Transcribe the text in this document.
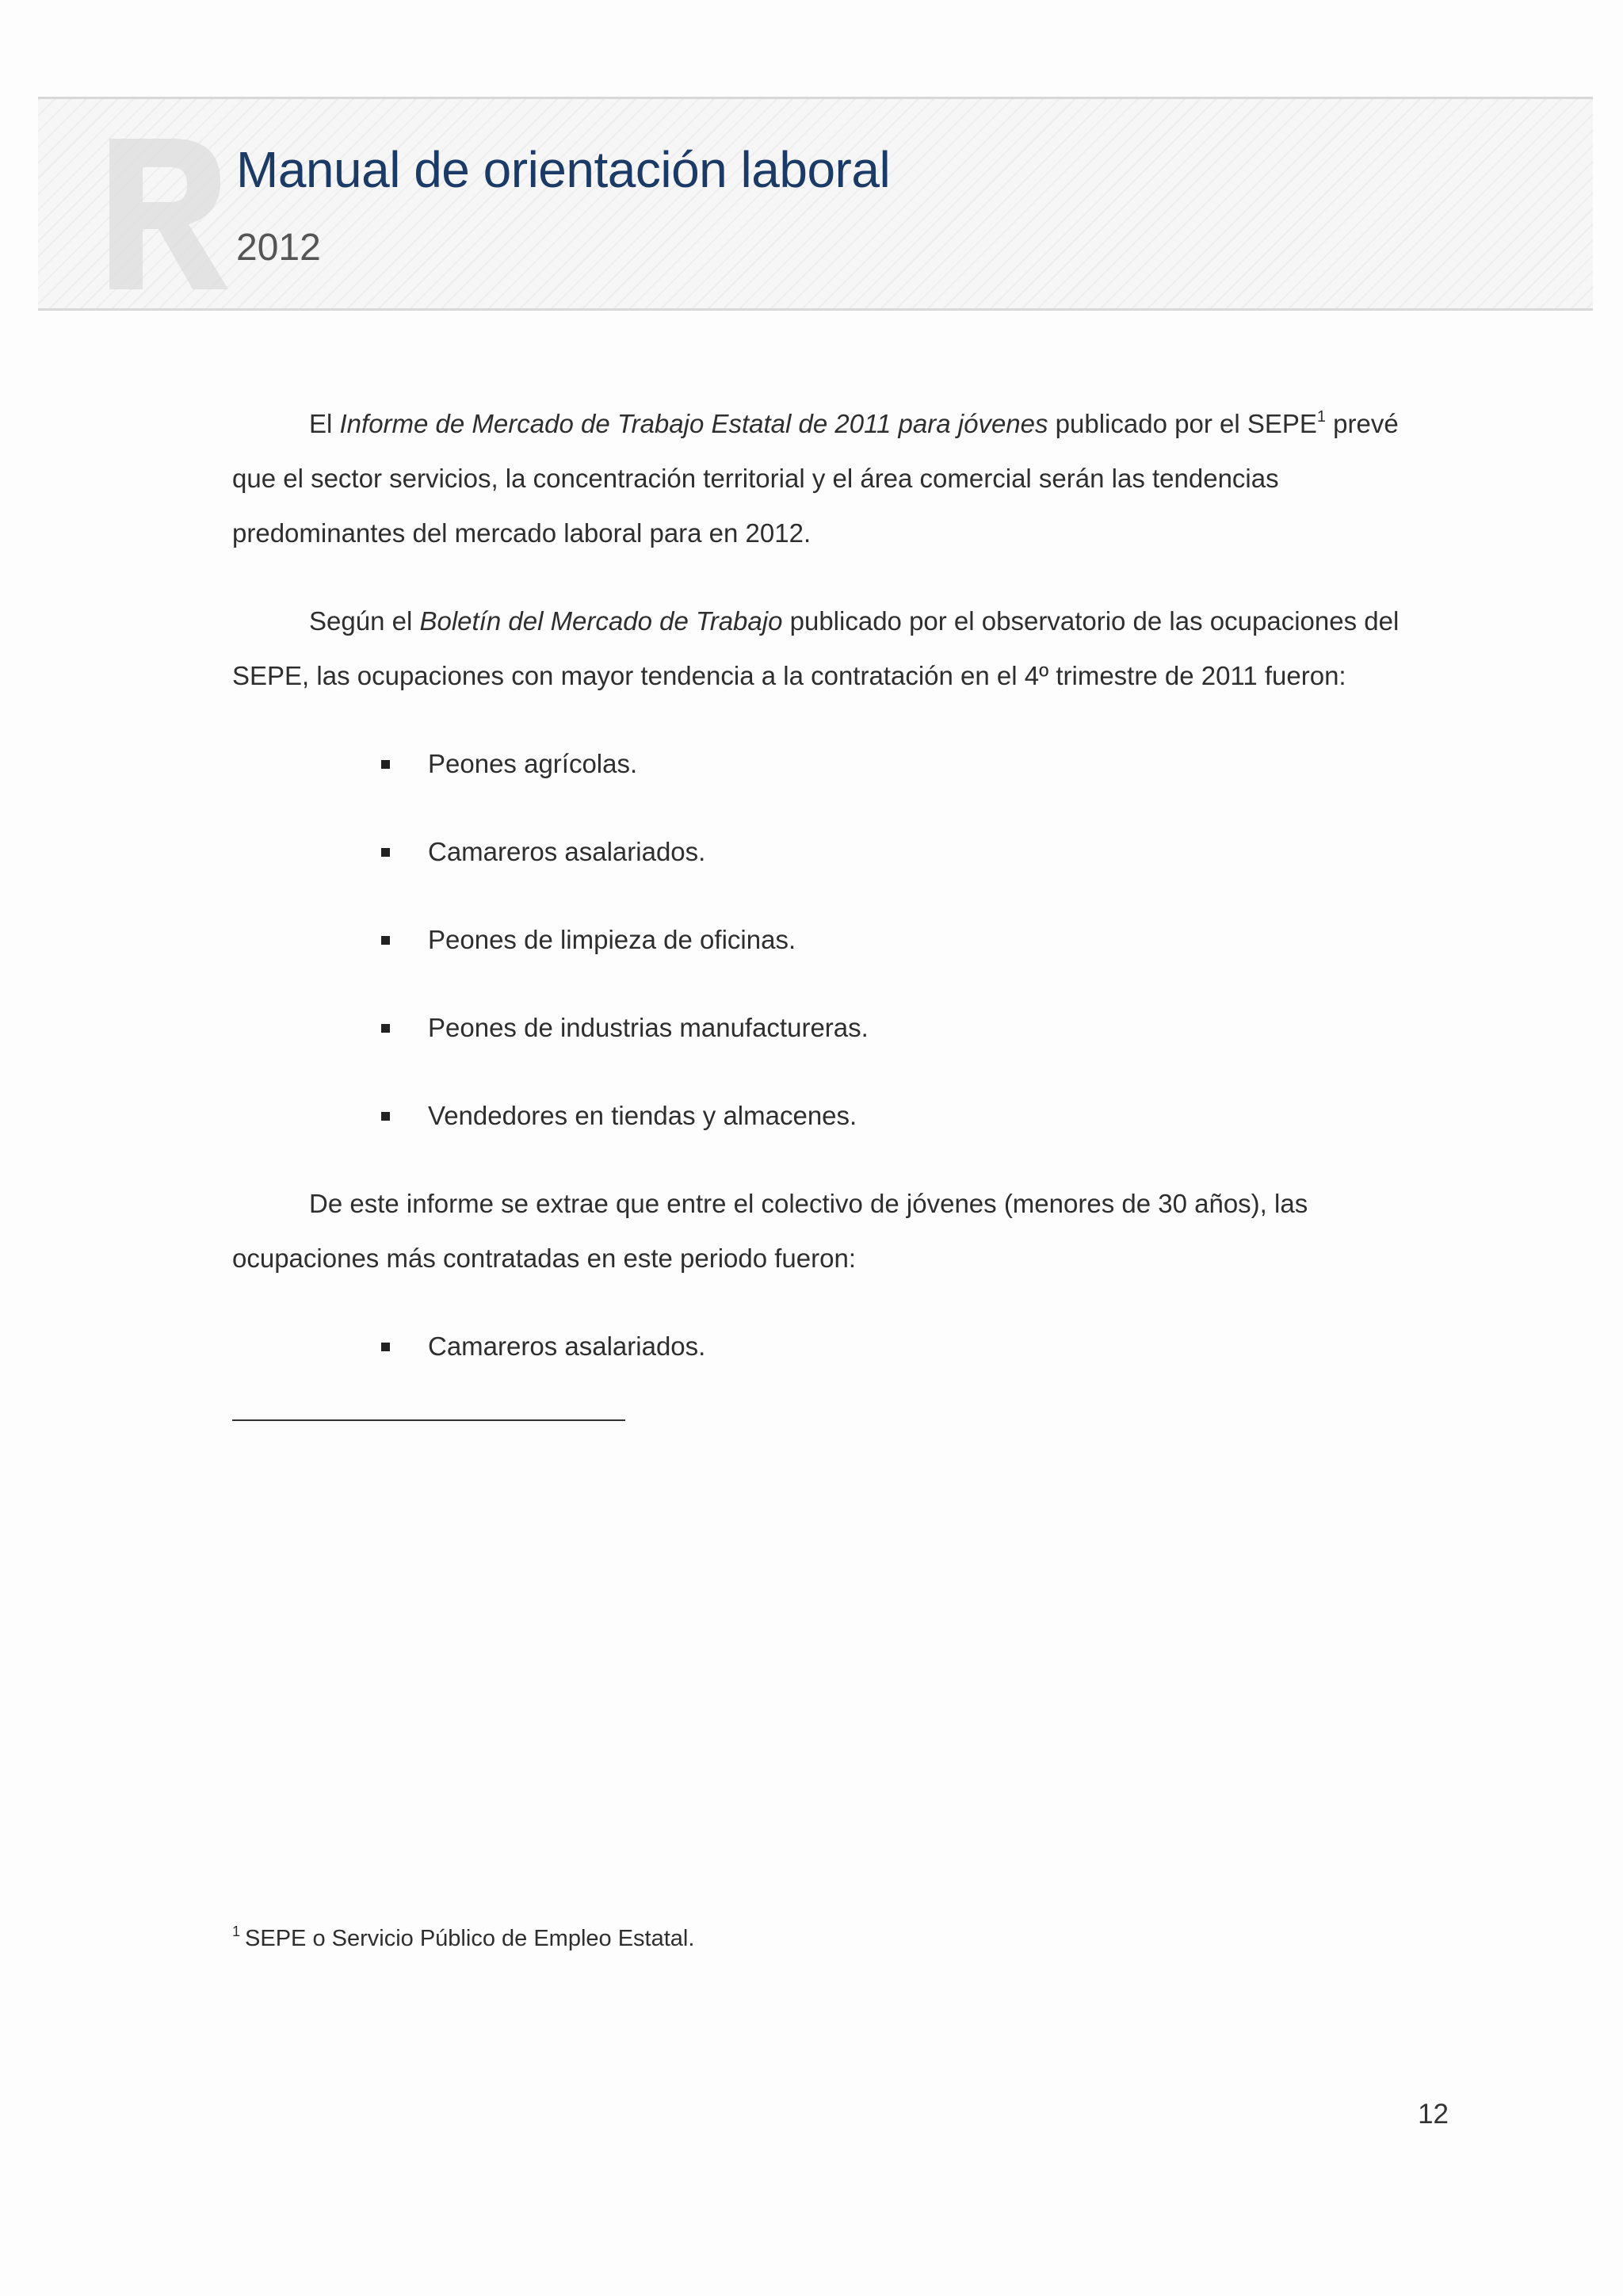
Manual de orientación laboral
2012

El Informe de Mercado de Trabajo Estatal de 2011 para jóvenes publicado por el SEPE$^1$ prevé que el sector servicios, la concentración territorial y el área comercial serán las tendencias predominantes del mercado laboral para en 2012.

Según el Boletín del Mercado de Trabajo publicado por el observatorio de las ocupaciones del SEPE, las ocupaciones con mayor tendencia a la contratación en el 4º trimestre de 2011 fueron:

Peones agrícolas.
Camareros asalariados.
Peones de limpieza de oficinas.
Peones de industrias manufactureras.
Vendedores en tiendas y almacenes.

De este informe se extrae que entre el colectivo de jóvenes (menores de 30 años), las ocupaciones más contratadas en este periodo fueron:

Camareros asalariados.
$^1$ SEPE o Servicio Público de Empleo Estatal.
12
